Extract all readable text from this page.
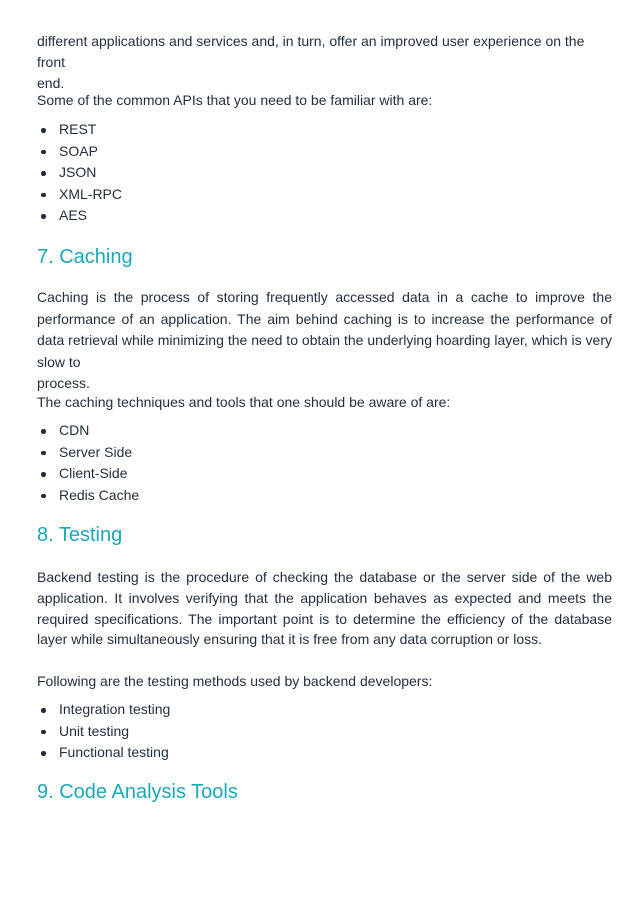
different applications and services and, in turn, offer an improved user experience on the front

end.

Some of the common APIs that you need to be familiar with are:

REST
SOAP
JSON
XML-RPC
AES
7. Caching

Caching is the process of storing frequently accessed data in a cache to improve the performance of an application. The aim behind caching is to increase the performance of data retrieval while minimizing the need to obtain the underlying hoarding layer, which is very slow to

process.

The caching techniques and tools that one should be aware of are:

CDN
Server Side
Client-Side
Redis Cache
8. Testing

Backend testing is the procedure of checking the database or the server side of the web application. It involves verifying that the application behaves as expected and meets the required specifications. The important point is to determine the efficiency of the database layer while simultaneously ensuring that it is free from any data corruption or loss.

Following are the testing methods used by backend developers:

Integration testing
Unit testing
Functional testing
9. Code Analysis Tools
